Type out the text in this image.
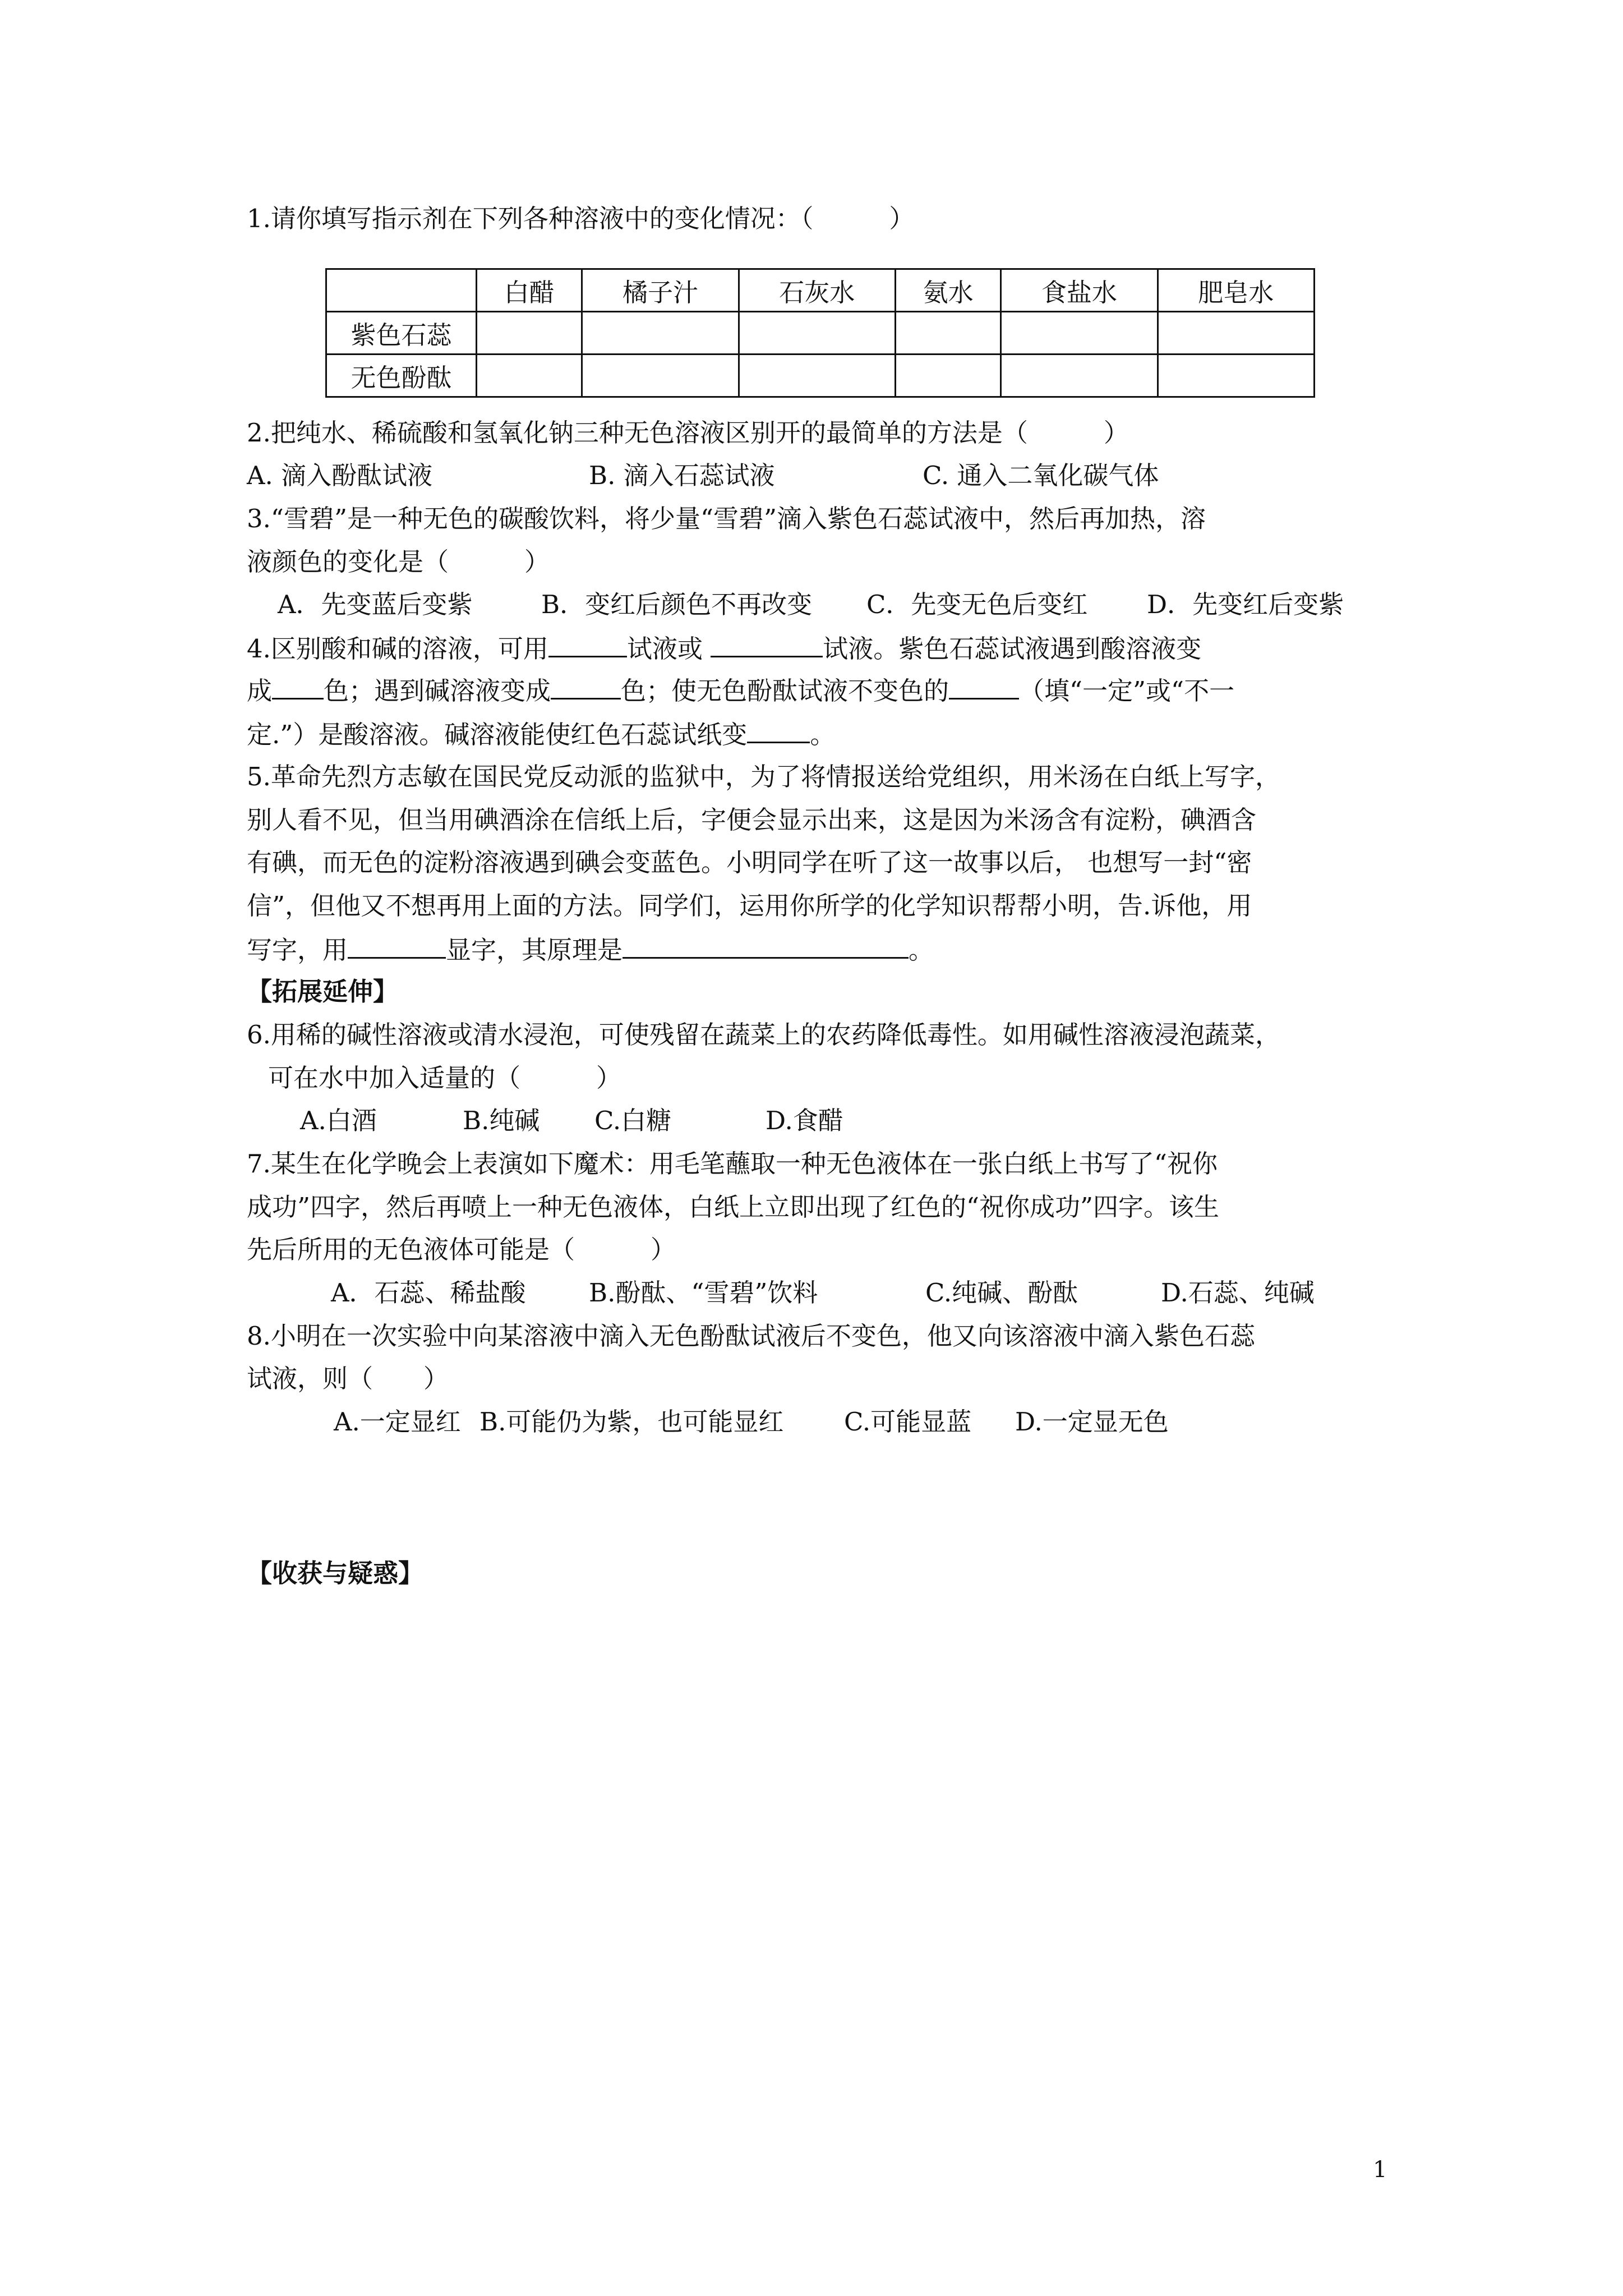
1.请你填写指示剂在下列各种溶液中的变化情况：（　　　）
	白醋	橘子汁	石灰水	氨水	食盐水	肥皂水
紫色石蕊						
无色酚酞						
2.把纯水、稀硫酸和氢氧化钠三种无色溶液区别开的最简单的方法是（　　　）
A. 滴入酚酞试液	B. 滴入石蕊试液	C. 通入二氧化碳气体
3.“雪碧”是一种无色的碳酸饮料，将少量“雪碧”滴入紫色石蕊试液中，然后再加热，溶
液颜色的变化是（　　　）
A．先变蓝后变紫	B．变红后颜色不再改变 C．先变无色后变红 D．先变红后变紫
4.区别酸和碱的溶液，可用	试液或	试液。紫色石蕊试液遇到酸溶液变
成 色；遇到碱溶液变成	色；使无色酚酞试液不变色的	（填“一定”或“不一
定.”）是酸溶液。碱溶液能使红色石蕊试纸变 。
5.革命先烈方志敏在国民党反动派的监狱中，为了将情报送给党组织，用米汤在白纸上写字，
别人看不见，但当用碘酒涂在信纸上后，字便会显示出来，这是因为米汤含有淀粉，碘酒含
有碘，而无色的淀粉溶液遇到碘会变蓝色。小明同学在听了这一故事以后， 也想写一封“密
信”，但他又不想再用上面的方法。同学们，运用你所学的化学知识帮帮小明，告.诉他，用
写字，用	显字，其原理是	。
【拓展延伸】
6.用稀的碱性溶液或清水浸泡，可使残留在蔬菜上的农药降低毒性。如用碱性溶液浸泡蔬菜，
可在水中加入适量的（　　　）
A.白酒	B.纯碱 C.白糖	D.食醋
7.某生在化学晚会上表演如下魔术：用毛笔蘸取一种无色液体在一张白纸上书写了“祝你
成功”四字，然后再喷上一种无色液体，白纸上立即出现了红色的“祝你成功”四字。该生
先后所用的无色液体可能是（　　　）
A．石蕊、稀盐酸	B.酚酞、“雪碧”饮料	C.纯碱、酚酞	D.石蕊、纯碱
8.小明在一次实验中向某溶液中滴入无色酚酞试液后不变色，他又向该溶液中滴入紫色石蕊
试液，则（　　）
A.一定显红 B.可能仍为紫，也可能显红 C.可能显蓝 D.一定显无色
【收获与疑惑】
1
